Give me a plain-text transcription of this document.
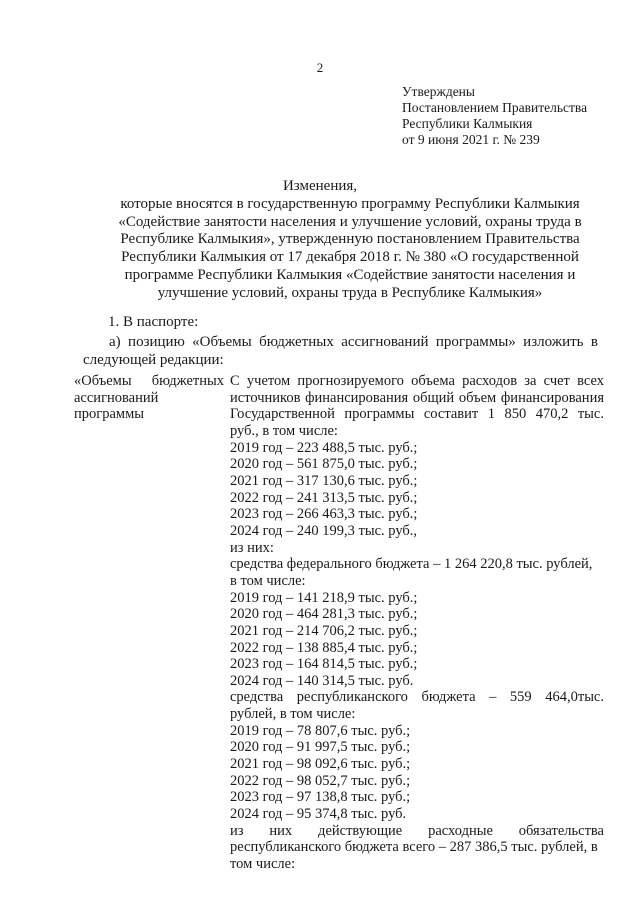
2
Утверждены
Постановлением Правительства
Республики Калмыкия
от 9 июня 2021 г. № 239
Изменения,
которые вносятся в государственную программу Республики Калмыкия
«Содействие занятости населения и улучшение условий, охраны труда в
Республике Калмыкия», утвержденную постановлением Правительства
Республики Калмыкия от 17 декабря 2018 г. № 380 «О государственной
программе Республики Калмыкия «Содействие занятости населения и
улучшение условий, охраны труда в Республике Калмыкия»
1. В паспорте:
а) позицию «Объемы бюджетных ассигнований программы» изложить в
следующей редакции:
«Объемы бюджетных
ассигнований
программы
С учетом прогнозируемого объема расходов за счет всех
источников финансирования общий объем финансирования
Государственной программы составит 1 850 470,2 тыс.
руб., в том числе:
2019 год – 223 488,5 тыс. руб.;
2020 год – 561 875,0 тыс. руб.;
2021 год – 317 130,6 тыс. руб.;
2022 год – 241 313,5 тыс. руб.;
2023 год – 266 463,3 тыс. руб.;
2024 год – 240 199,3 тыс. руб.,
из них:
средства федерального бюджета – 1 264 220,8 тыс. рублей,
в том числе:
2019 год – 141 218,9 тыс. руб.;
2020 год – 464 281,3 тыс. руб.;
2021 год – 214 706,2 тыс. руб.;
2022 год – 138 885,4 тыс. руб.;
2023 год – 164 814,5 тыс. руб.;
2024 год – 140 314,5 тыс. руб.
средства республиканского бюджета – 559 464,0тыс.
рублей, в том числе:
2019 год – 78 807,6 тыс. руб.;
2020 год – 91 997,5 тыс. руб.;
2021 год – 98 092,6 тыс. руб.;
2022 год – 98 052,7 тыс. руб.;
2023 год – 97 138,8 тыс. руб.;
2024 год – 95 374,8 тыс. руб.
из них действующие расходные обязательства
республиканского бюджета всего – 287 386,5 тыс. рублей, в
том числе:
